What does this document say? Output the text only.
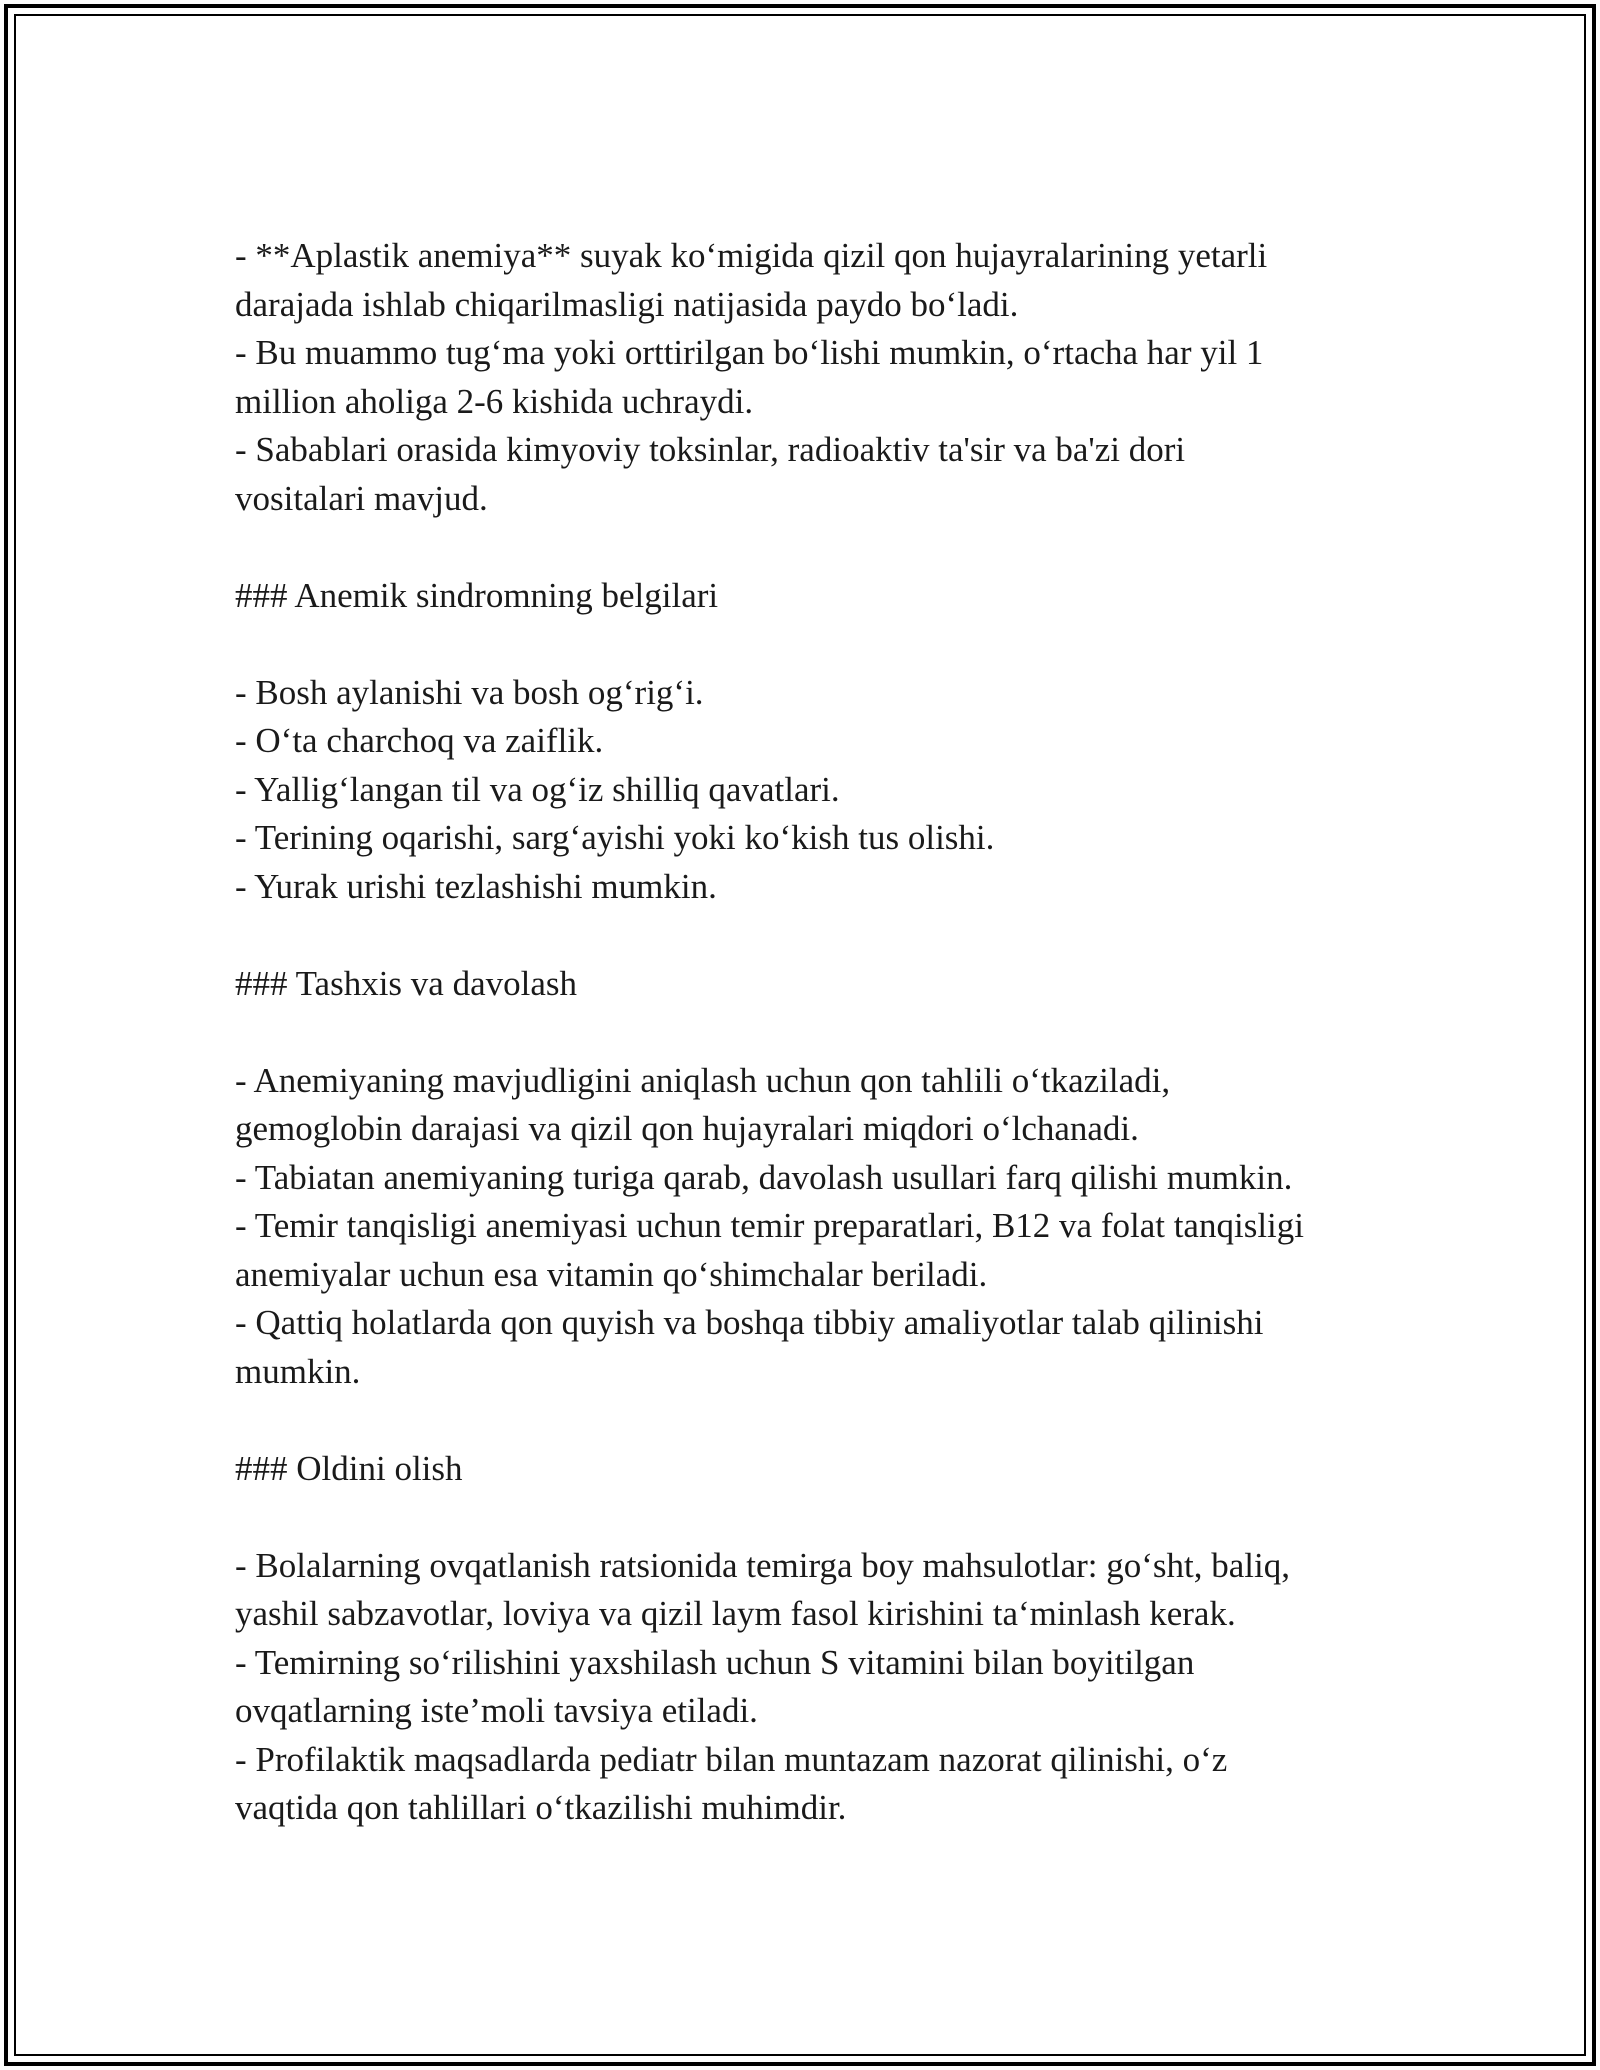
- **Aplastik anemiya** suyak ko‘migida qizil qon hujayralarining yetarli
darajada ishlab chiqarilmasligi natijasida paydo bo‘ladi.
- Bu muammo tug‘ma yoki orttirilgan bo‘lishi mumkin, o‘rtacha har yil 1
million aholiga 2-6 kishida uchraydi.
- Sabablari orasida kimyoviy toksinlar, radioaktiv ta'sir va ba'zi dori
vositalari mavjud.
### Anemik sindromning belgilari
- Bosh aylanishi va bosh og‘rig‘i.
- O‘ta charchoq va zaiflik.
- Yallig‘langan til va og‘iz shilliq qavatlari.
- Terining oqarishi, sarg‘ayishi yoki ko‘kish tus olishi.
- Yurak urishi tezlashishi mumkin.
### Tashxis va davolash
- Anemiyaning mavjudligini aniqlash uchun qon tahlili o‘tkaziladi,
gemoglobin darajasi va qizil qon hujayralari miqdori o‘lchanadi.
- Tabiatan anemiyaning turiga qarab, davolash usullari farq qilishi mumkin.
- Temir tanqisligi anemiyasi uchun temir preparatlari, B12 va folat tanqisligi
anemiyalar uchun esa vitamin qo‘shimchalar beriladi.
- Qattiq holatlarda qon quyish va boshqa tibbiy amaliyotlar talab qilinishi
mumkin.
### Oldini olish
- Bolalarning ovqatlanish ratsionida temirga boy mahsulotlar: go‘sht, baliq,
yashil sabzavotlar, loviya va qizil laym fasol kirishini ta‘minlash kerak.
- Temirning so‘rilishini yaxshilash uchun S vitamini bilan boyitilgan
ovqatlarning iste’moli tavsiya etiladi.
- Profilaktik maqsadlarda pediatr bilan muntazam nazorat qilinishi, o‘z
vaqtida qon tahlillari o‘tkazilishi muhimdir.
